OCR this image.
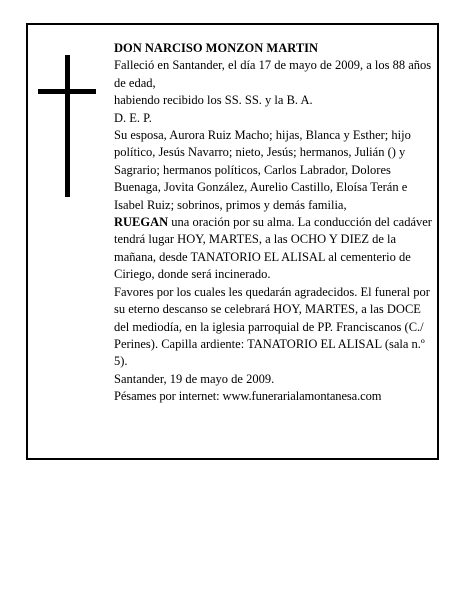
DON NARCISO MONZON MARTIN

Falleció en Santander, el día 17 de mayo de 2009, a los 88 años de edad,

habiendo recibido los SS. SS. y la B. A.

D. E. P.

Su esposa, Aurora Ruiz Macho; hijas, Blanca y Esther; hijo político, Jesús Navarro; nieto, Jesús; hermanos, Julián () y Sagrario; hermanos políticos, Carlos Labrador, Dolores Buenaga, Jovita González, Aurelio Castillo, Eloísa Terán e Isabel Ruiz; sobrinos, primos y demás familia,

RUEGAN una oración por su alma. La conducción del cadáver tendrá lugar HOY, MARTES, a las OCHO Y DIEZ de la mañana, desde TANATORIO EL ALISAL al cementerio de Ciriego, donde será incinerado.

Favores por los cuales les quedarán agradecidos. El funeral por su eterno descanso se celebrará HOY, MARTES, a las DOCE del mediodía, en la iglesia parroquial de PP. Franciscanos (C./ Perines). Capilla ardiente: TANATORIO EL ALISAL (sala n.º 5).

Santander, 19 de mayo de 2009.

Pésames por internet: www.funerarialamontanesa.com
